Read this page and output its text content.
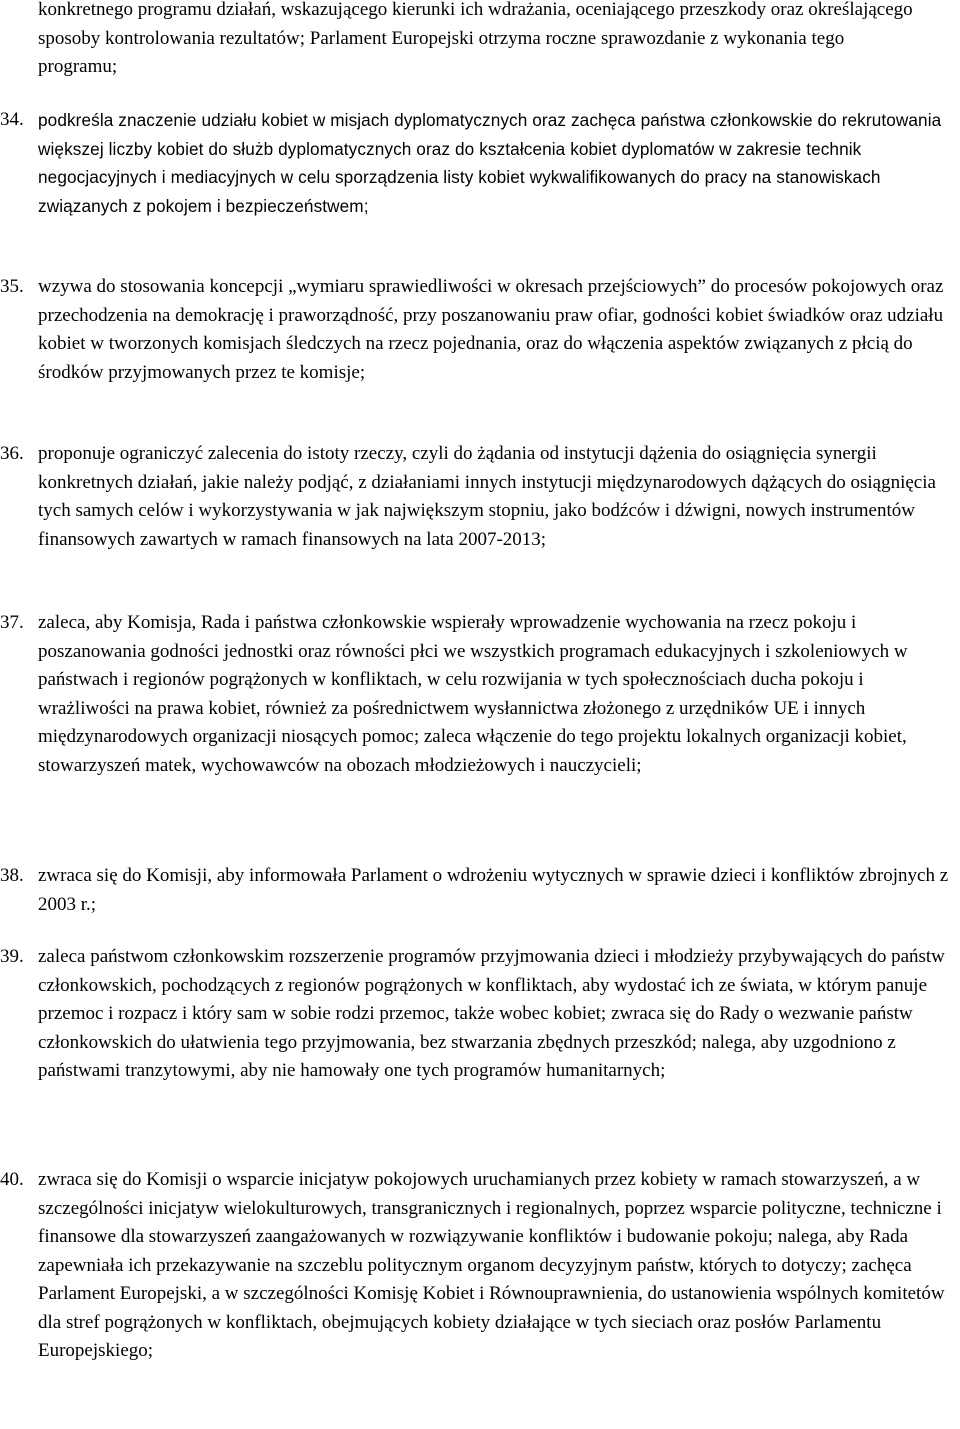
konkretnego programu działań, wskazującego kierunki ich wdrażania, oceniającego przeszkody oraz określającego sposoby kontrolowania rezultatów; Parlament Europejski otrzyma roczne sprawozdanie z wykonania tego programu;

34. podkreśla znaczenie udziału kobiet w misjach dyplomatycznych oraz zachęca państwa członkowskie do rekrutowania większej liczby kobiet do służb dyplomatycznych oraz do kształcenia kobiet dyplomatów w zakresie technik negocjacyjnych i mediacyjnych w celu sporządzenia listy kobiet wykwalifikowanych do pracy na stanowiskach związanych z pokojem i bezpieczeństwem;
35. wzywa do stosowania koncepcji „wymiaru sprawiedliwości w okresach przejściowych” do procesów pokojowych oraz przechodzenia na demokrację i praworządność, przy poszanowaniu praw ofiar, godności kobiet świadków oraz udziału kobiet w tworzonych komisjach śledczych na rzecz pojednania, oraz do włączenia aspektów związanych z płcią do środków przyjmowanych przez te komisje;
36. proponuje ograniczyć zalecenia do istoty rzeczy, czyli do żądania od instytucji dążenia do osiągnięcia synergii konkretnych działań, jakie należy podjąć, z działaniami innych instytucji międzynarodowych dążących do osiągnięcia tych samych celów i wykorzystywania w jak największym stopniu, jako bodźców i dźwigni, nowych instrumentów finansowych zawartych w ramach finansowych na lata 2007-2013;
37. zaleca, aby Komisja, Rada i państwa członkowskie wspierały wprowadzenie wychowania na rzecz pokoju i poszanowania godności jednostki oraz równości płci we wszystkich programach edukacyjnych i szkoleniowych w państwach i regionów pogrążonych w konfliktach, w celu rozwijania w tych społecznościach ducha pokoju i wrażliwości na prawa kobiet, również za pośrednictwem wysłannictwa złożonego z urzędników UE i innych międzynarodowych organizacji niosących pomoc; zaleca włączenie do tego projektu lokalnych organizacji kobiet, stowarzyszeń matek, wychowawców na obozach młodzieżowych i nauczycieli;
38. zwraca się do Komisji, aby informowała Parlament o wdrożeniu wytycznych w sprawie dzieci i konfliktów zbrojnych z 2003 r.;
39. zaleca państwom członkowskim rozszerzenie programów przyjmowania dzieci i młodzieży przybywających do państw członkowskich, pochodzących z regionów pogrążonych w konfliktach, aby wydostać ich ze świata, w którym panuje przemoc i rozpacz i który sam w sobie rodzi przemoc, także wobec kobiet; zwraca się do Rady o wezwanie państw członkowskich do ułatwienia tego przyjmowania, bez stwarzania zbędnych przeszkód; nalega, aby uzgodniono z państwami tranzytowymi, aby nie hamowały one tych programów humanitarnych;
40. zwraca się do Komisji o wsparcie inicjatyw pokojowych uruchamianych przez kobiety w ramach stowarzyszeń, a w szczególności inicjatyw wielokulturowych, transgranicznych i regionalnych, poprzez wsparcie polityczne, techniczne i finansowe dla stowarzyszeń zaangażowanych w rozwiązywanie konfliktów i budowanie pokoju; nalega, aby Rada zapewniała ich przekazywanie na szczeblu politycznym organom decyzyjnym państw, których to dotyczy; zachęca Parlament Europejski, a w szczególności Komisję Kobiet i Równouprawnienia, do ustanowienia wspólnych komitetów dla stref pogrążonych w konfliktach, obejmujących kobiety działające w tych sieciach oraz posłów Parlamentu Europejskiego;
